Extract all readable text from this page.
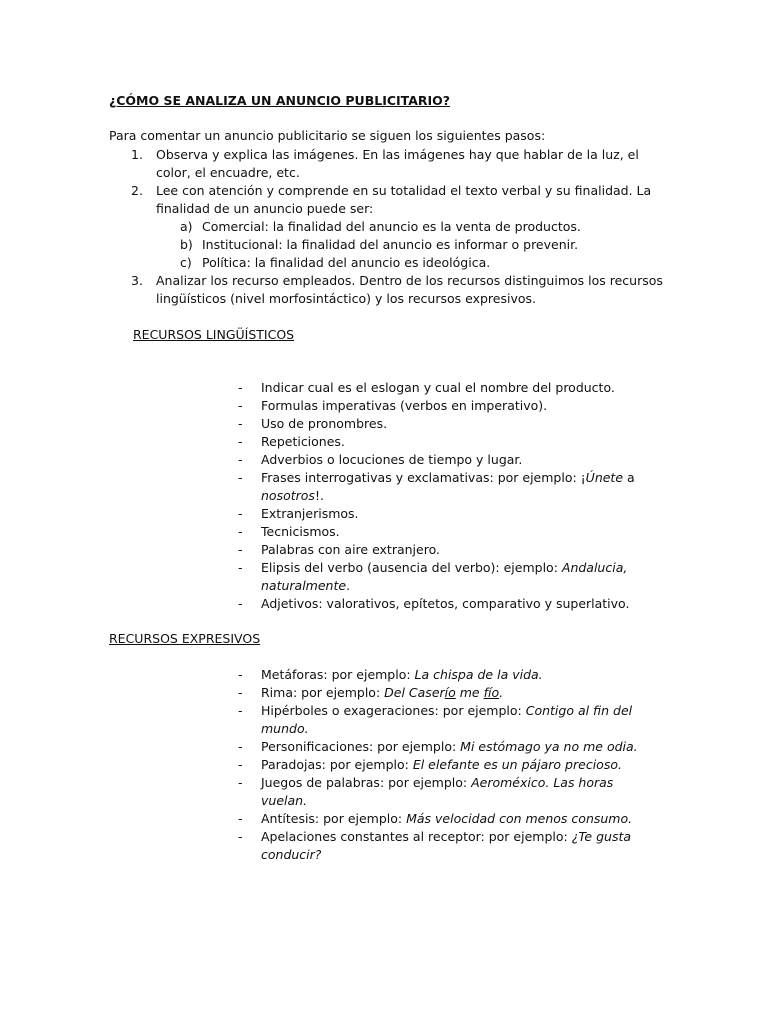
¿CÓMO SE ANALIZA UN ANUNCIO PUBLICITARIO?
Para comentar un anuncio publicitario se siguen los siguientes pasos:
1. Observa y explica las imágenes. En las imágenes hay que hablar de la luz, el color, el encuadre, etc.
2. Lee con atención y comprende en su totalidad el texto verbal y su finalidad. La finalidad de un anuncio puede ser:
a) Comercial: la finalidad del anuncio es la venta de productos.
b) Institucional: la finalidad del anuncio es informar o prevenir.
c) Política: la finalidad del anuncio es ideológica.
3. Analizar los recurso empleados. Dentro de los recursos distinguimos los recursos lingüísticos (nivel morfosintáctico) y los recursos expresivos.
RECURSOS LINGÜÍSTICOS
- Indicar cual es el eslogan y cual el nombre del producto.
- Formulas imperativas (verbos en imperativo).
- Uso de pronombres.
- Repeticiones.
- Adverbios o locuciones de tiempo y lugar.
- Frases interrogativas y exclamativas: por ejemplo: ¡Únete a nosotros!.
- Extranjerismos.
- Tecnicismos.
- Palabras con aire extranjero.
- Elipsis del verbo (ausencia del verbo): ejemplo: Andalucia, naturalmente.
- Adjetivos: valorativos, epítetos, comparativo y superlativo.
RECURSOS EXPRESIVOS
- Metáforas: por ejemplo: La chispa de la vida.
- Rima: por ejemplo: Del Caserío me fío.
- Hipérboles o exageraciones: por ejemplo: Contigo al fin del mundo.
- Personificaciones: por ejemplo: Mi estómago ya no me odia.
- Paradojas: por ejemplo: El elefante es un pájaro precioso.
- Juegos de palabras: por ejemplo: Aeroméxico. Las horas vuelan.
- Antítesis: por ejemplo: Más velocidad con menos consumo.
- Apelaciones constantes al receptor: por ejemplo: ¿Te gusta conducir?
